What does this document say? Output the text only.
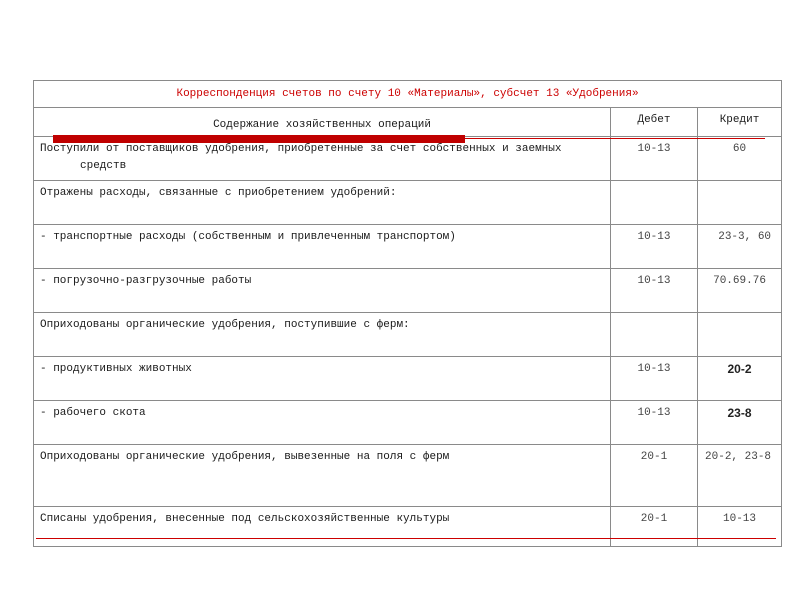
Корреспонденция счетов по счету 10 «Материалы», субсчет 13 «Удобрения»		
Содержание хозяйственных операций	Дебет	Кредит
Поступили от поставщиков удобрения, приобретенные за счет собственных и заемных средств	10-13	60
Отражены расходы, связанные с приобретением удобрений:		
- транспортные расходы (собственным и привлеченным транспортом)	10-13	23-3, 60
- погрузочно-разгрузочные работы	10-13	70.69.76
Оприходованы органические удобрения, поступившие с ферм:		
- продуктивных животных	10-13	20-2
- рабочего скота	10-13	23-8
Оприходованы органические удобрения, вывезенные на поля с ферм	20-1	20-2, 23-8
Списаны удобрения, внесенные под сельскохозяйственные культуры	20-1	10-13
